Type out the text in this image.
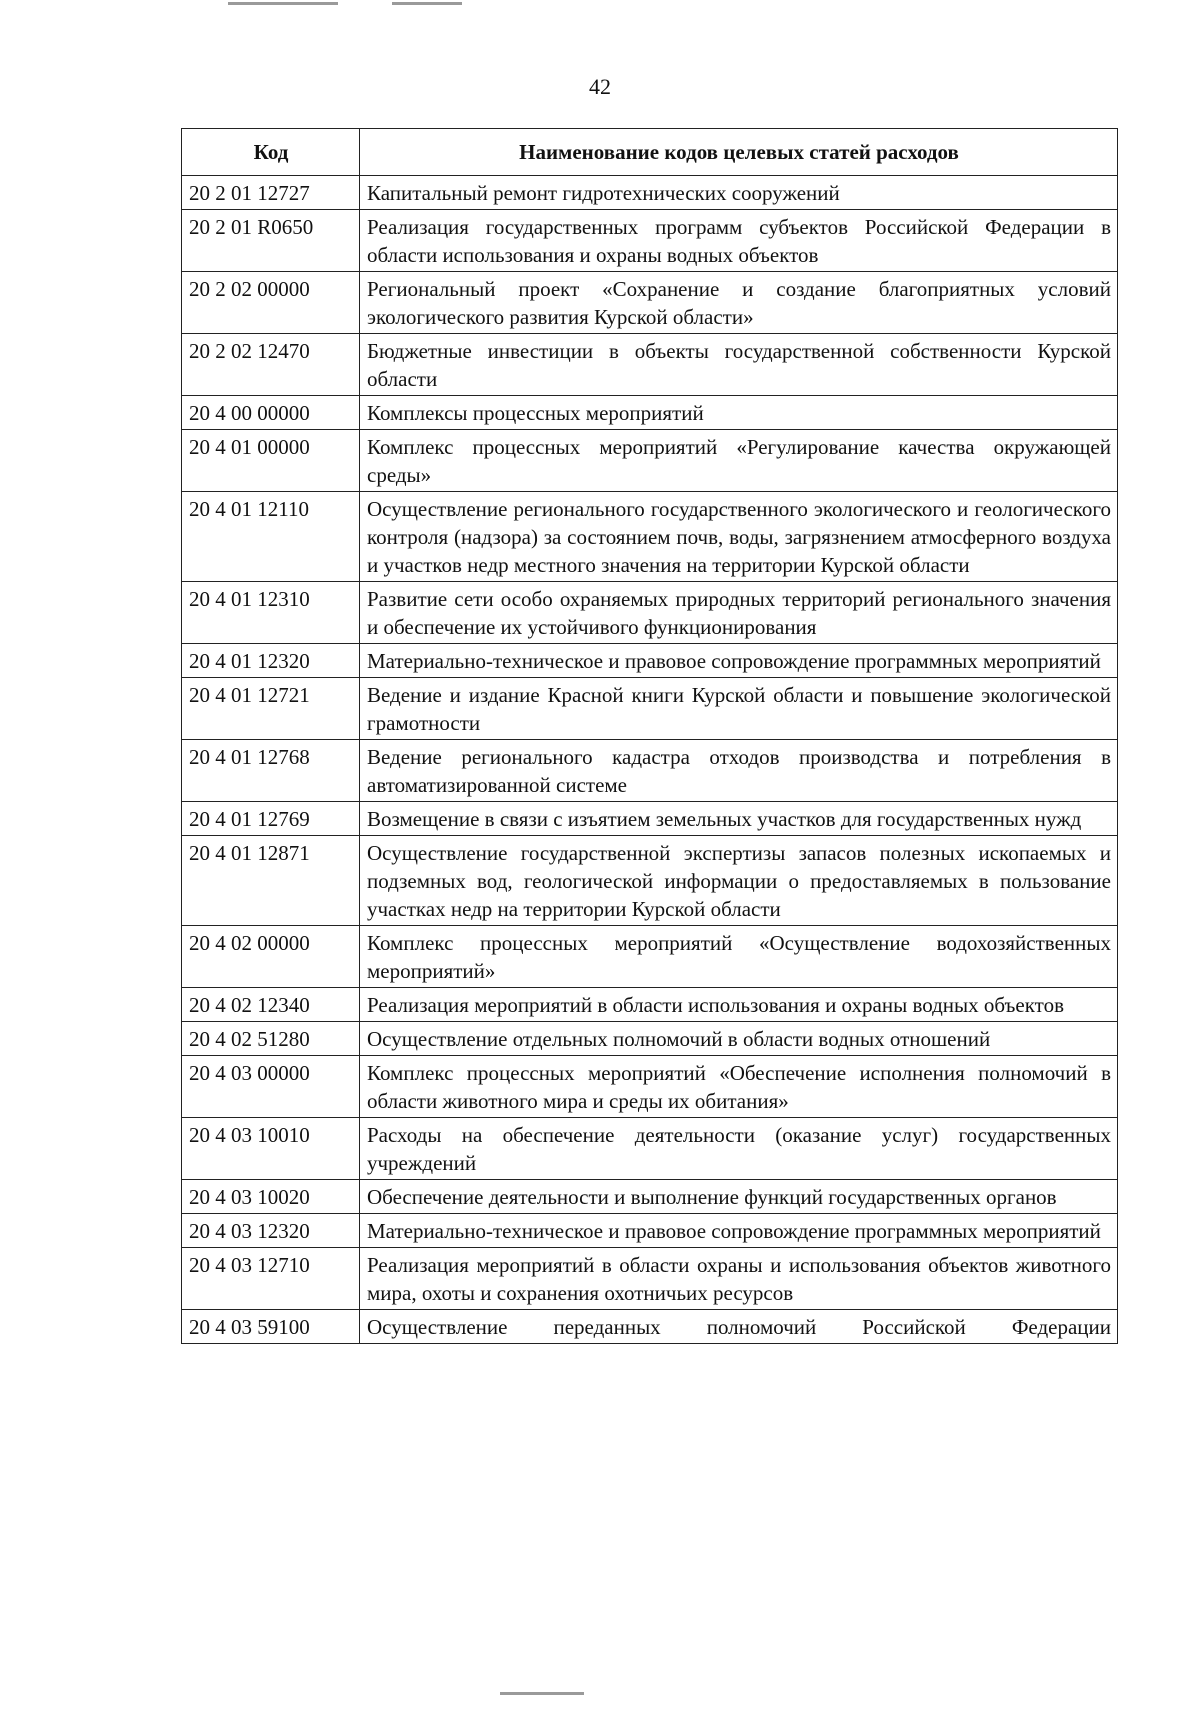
42
Код	Наименование кодов целевых статей расходов
20 2 01 12727	Капитальный ремонт гидротехнических сооружений
20 2 01 R0650	Реализация государственных программ субъектов Российской Федерации в области использования и охраны водных объектов
20 2 02 00000	Региональный проект «Сохранение и создание благоприятных условий экологического развития Курской области»
20 2 02 12470	Бюджетные инвестиции в объекты государственной собственности Курской области
20 4 00 00000	Комплексы процессных мероприятий
20 4 01 00000	Комплекс процессных мероприятий «Регулирование качества окружающей среды»
20 4 01 12110	Осуществление регионального государственного экологического и геологического контроля (надзора) за состоянием почв, воды, загрязнением атмосферного воздуха и участков недр местного значения на территории Курской области
20 4 01 12310	Развитие сети особо охраняемых природных территорий регионального значения и обеспечение их устойчивого функционирования
20 4 01 12320	Материально-техническое и правовое сопровождение программных мероприятий
20 4 01 12721	Ведение и издание Красной книги Курской области и повышение экологической грамотности
20 4 01 12768	Ведение регионального кадастра отходов производства и потребления в автоматизированной системе
20 4 01 12769	Возмещение в связи с изъятием земельных участков для государственных нужд
20 4 01 12871	Осуществление государственной экспертизы запасов полезных ископаемых и подземных вод, геологической информации о предоставляемых в пользование участках недр на территории Курской области
20 4 02 00000	Комплекс процессных мероприятий «Осуществление водохозяйственных мероприятий»
20 4 02 12340	Реализация мероприятий в области использования и охраны водных объектов
20 4 02 51280	Осуществление отдельных полномочий в области водных отношений
20 4 03 00000	Комплекс процессных мероприятий «Обеспечение исполнения полномочий в области животного мира и среды их обитания»
20 4 03 10010	Расходы на обеспечение деятельности (оказание услуг) государственных учреждений
20 4 03 10020	Обеспечение деятельности и выполнение функций государственных органов
20 4 03 12320	Материально-техническое и правовое сопровождение программных мероприятий
20 4 03 12710	Реализация мероприятий в области охраны и использования объектов животного мира, охоты и сохранения охотничьих ресурсов
20 4 03 59100	Осуществление переданных полномочий Российской Федерации
